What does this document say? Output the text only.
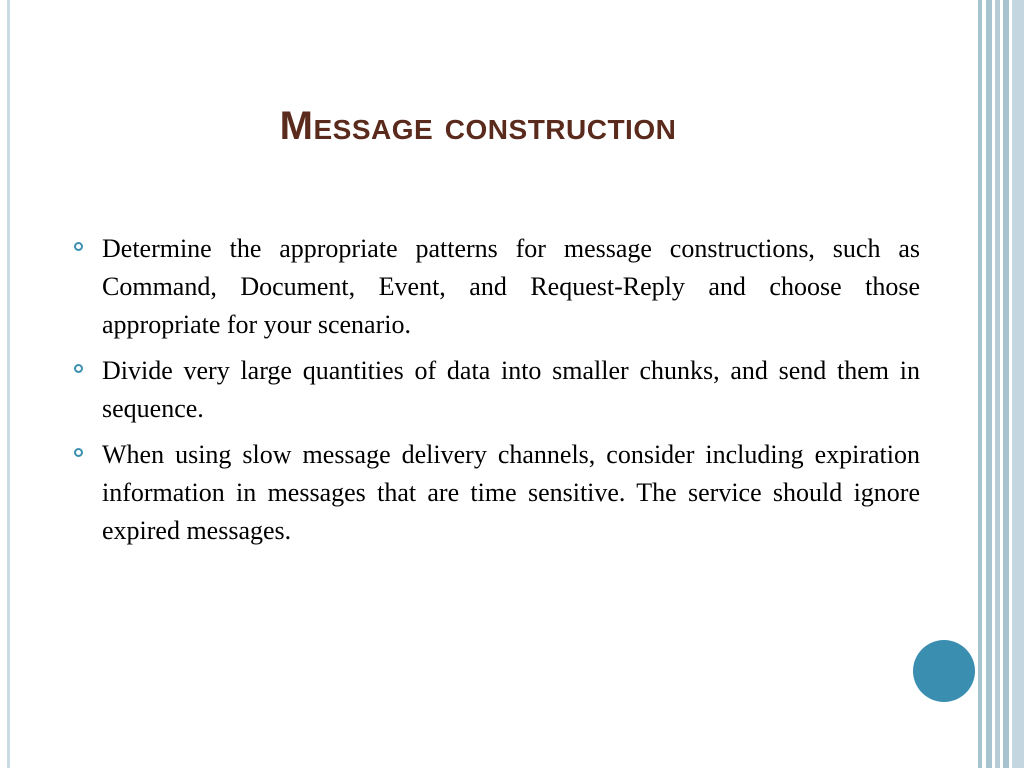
Message construction
Determine the appropriate patterns for message constructions, such as Command, Document, Event, and Request-Reply and choose those appropriate for your scenario.
Divide very large quantities of data into smaller chunks, and send them in sequence.
When using slow message delivery channels, consider including expiration information in messages that are time sensitive. The service should ignore expired messages.
